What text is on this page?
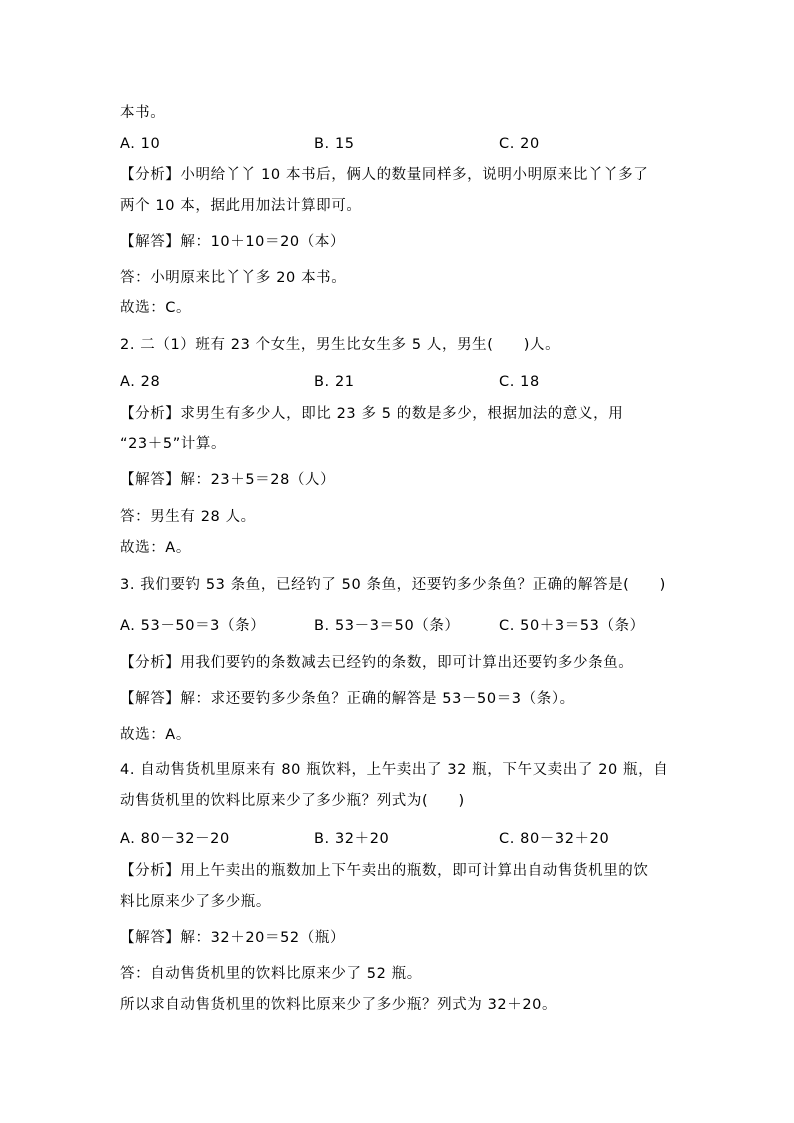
本书。
A. 10	B. 15	C. 20
【分析】小明给丫丫 10 本书后，俩人的数量同样多，说明小明原来比丫丫多了
两个 10 本，据此用加法计算即可。
【解答】解：10＋10＝20（本）
答：小明原来比丫丫多 20 本书。
故选：C。
2. 二（1）班有 23 个女生，男生比女生多 5 人，男生(　　)人。
A. 28	B. 21	C. 18
【分析】求男生有多少人，即比 23 多 5 的数是多少，根据加法的意义，用
“23＋5”计算。
【解答】解：23＋5＝28（人）
答：男生有 28 人。
故选：A。
3. 我们要钓 53 条鱼，已经钓了 50 条鱼，还要钓多少条鱼？正确的解答是(　　)
A. 53－50＝3（条）	B. 53－3＝50（条）	C. 50＋3＝53（条）
【分析】用我们要钓的条数减去已经钓的条数，即可计算出还要钓多少条鱼。
【解答】解：求还要钓多少条鱼？正确的解答是 53－50＝3（条）。
故选：A。
4. 自动售货机里原来有 80 瓶饮料，上午卖出了 32 瓶，下午又卖出了 20 瓶，自
动售货机里的饮料比原来少了多少瓶？列式为(　　)
A. 80－32－20	B. 32＋20	C. 80－32＋20
【分析】用上午卖出的瓶数加上下午卖出的瓶数，即可计算出自动售货机里的饮
料比原来少了多少瓶。
【解答】解：32＋20＝52（瓶）
答：自动售货机里的饮料比原来少了 52 瓶。
所以求自动售货机里的饮料比原来少了多少瓶？列式为 32＋20。
